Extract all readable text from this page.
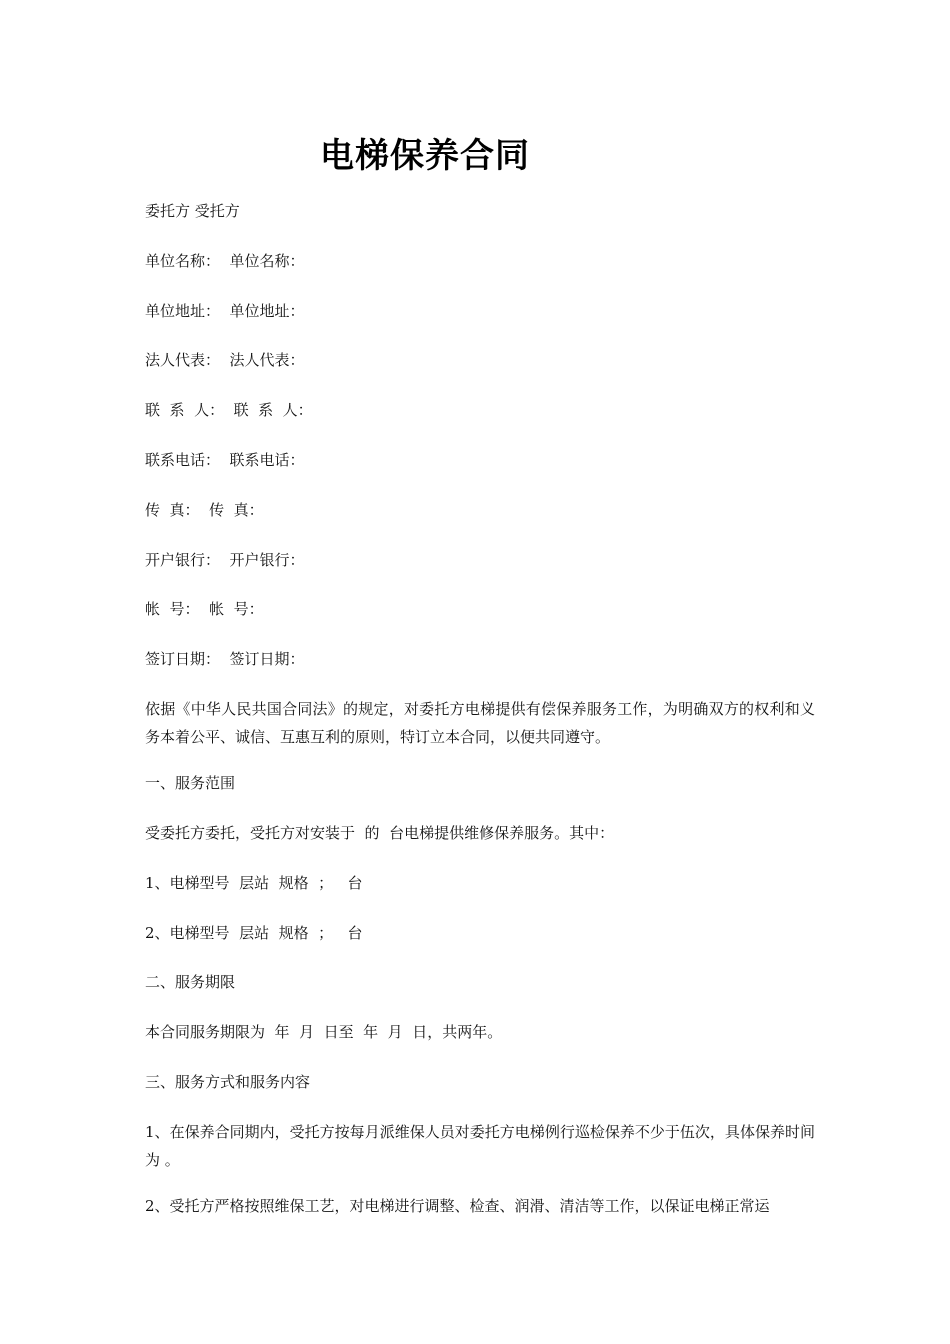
电梯保养合同
委托方 受托方
单位名称：  单位名称：
单位地址：  单位地址：
法人代表：  法人代表：
联  系  人：  联  系  人：
联系电话：  联系电话：
传  真：  传  真：
开户银行：  开户银行：
帐  号：  帐  号：
签订日期：  签订日期：
依据《中华人民共国合同法》的规定，对委托方电梯提供有偿保养服务工作，为明确双方的权利和义务本着公平、诚信、互惠互利的原则，特订立本合同，以便共同遵守。
一、服务范围
受委托方委托，受托方对安装于  的  台电梯提供维修保养服务。其中：
1、电梯型号  层站  规格  ；   台
2、电梯型号  层站  规格  ；   台
二、服务期限
本合同服务期限为  年  月  日至  年  月  日，共两年。
三、服务方式和服务内容
1、在保养合同期内，受托方按每月派维保人员对委托方电梯例行巡检保养不少于伍次，具体保养时间为 。
2、受托方严格按照维保工艺，对电梯进行调整、检查、润滑、清洁等工作，以保证电梯正常运
